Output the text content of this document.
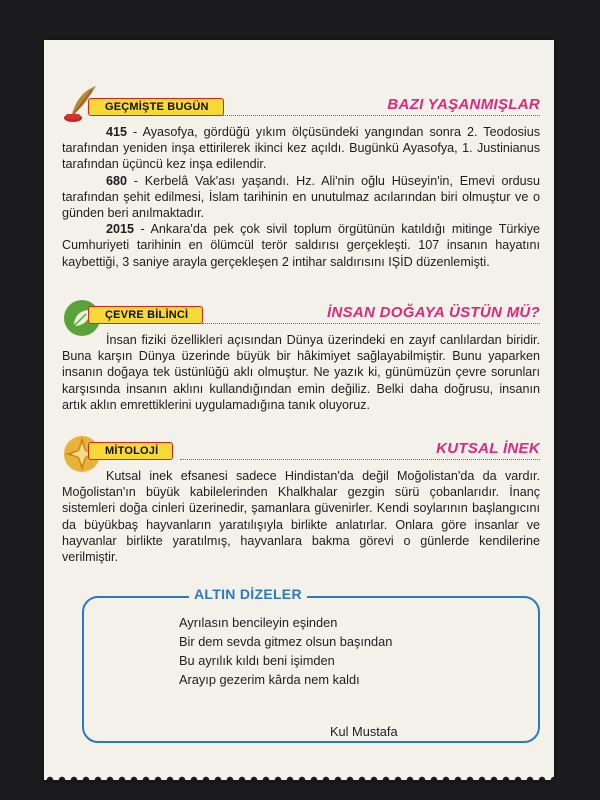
GEÇMİŞTE BUGÜN	BAZI YAŞANMIŞLAR

415 - Ayasofya, gördüğü yıkım ölçüsündeki yangından sonra 2. Teodosius tarafından yeniden inşa ettirilerek ikinci kez açıldı. Bugünkü Ayasofya, 1. Justinianus tarafından üçüncü kez inşa edilendir.

680 - Kerbelâ Vak'ası yaşandı. Hz. Ali'nin oğlu Hüseyin'in, Emevi ordusu tarafından şehit edilmesi, İslam tarihinin en unutulmaz acılarından biri olmuştur ve o günden beri anılmaktadır.

2015 - Ankara'da pek çok sivil toplum örgütünün katıldığı mitinge Türkiye Cumhuriyeti tarihinin en ölümcül terör saldırısı gerçekleşti. 107 insanın hayatını kaybettiği, 3 saniye arayla gerçekleşen 2 intihar saldırısını IŞİD düzenlemişti.

ÇEVRE BİLİNCİ	İNSAN DOĞAYA ÜSTÜN MÜ?

İnsan fiziki özellikleri açısından Dünya üzerindeki en zayıf canlılardan biridir. Buna karşın Dünya üzerinde büyük bir hâkimiyet sağlayabilmiştir. Bunu yaparken insanın doğaya tek üstünlüğü aklı olmuştur. Ne yazık ki, günümüzün çevre sorunları karşısında insanın aklını kullandığından emin değiliz. Belki daha doğrusu, insanın artık aklın emrettiklerini uygulamadığına tanık oluyoruz.

MİTOLOJİ	KUTSAL İNEK

Kutsal inek efsanesi sadece Hindistan'da değil Moğolistan'da da vardır. Moğolistan'ın büyük kabilelerinden Khalkhalar gezgin sürü çobanlarıdır. İnanç sistemleri doğa cinleri üzerinedir, şamanlara güvenirler. Kendi soylarının başlangıcını da büyükbaş hayvanların yaratılışıyla birlikte anlatırlar. Onlara göre insanlar ve hayvanlar birlikte yaratılmış, hayvanlara bakma görevi o günlerde kendilerine verilmiştir.

ALTIN DİZELER
Ayrılasın bencileyin eşinden
Bir dem sevda gitmez olsun başından
Bu ayrılık kıldı beni işimden
Arayıp gezerim kârda nem kaldı
Kul Mustafa
